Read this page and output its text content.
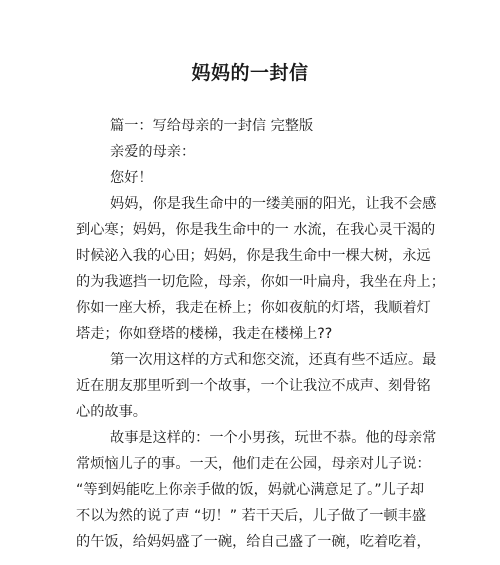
妈妈的一封信
篇一：写给母亲的一封信 完整版
亲爱的母亲：
您好！
妈妈，你是我生命中的一缕美丽的阳光，让我不会感
到心寒；妈妈，你是我生命中的一 水流，在我心灵干渴的
时候泌入我的心田；妈妈，你是我生命中一棵大树，永远
的为我遮挡一切危险，母亲，你如一叶扁舟，我坐在舟上；
你如一座大桥，我走在桥上；你如夜航的灯塔，我顺着灯
塔走；你如登塔的楼梯，我走在楼梯上??
第一次用这样的方式和您交流，还真有些不适应。最
近在朋友那里听到一个故事，一个让我泣不成声、刻骨铭
心的故事。
故事是这样的：一个小男孩，玩世不恭。他的母亲常
常烦恼儿子的事。一天，他们走在公园，母亲对儿子说：
“等到妈能吃上你亲手做的饭，妈就心满意足了。”儿子却
不以为然的说了声 “切！” 若干天后，儿子做了一顿丰盛
的午饭，给妈妈盛了一碗，给自己盛了一碗，吃着吃着，
